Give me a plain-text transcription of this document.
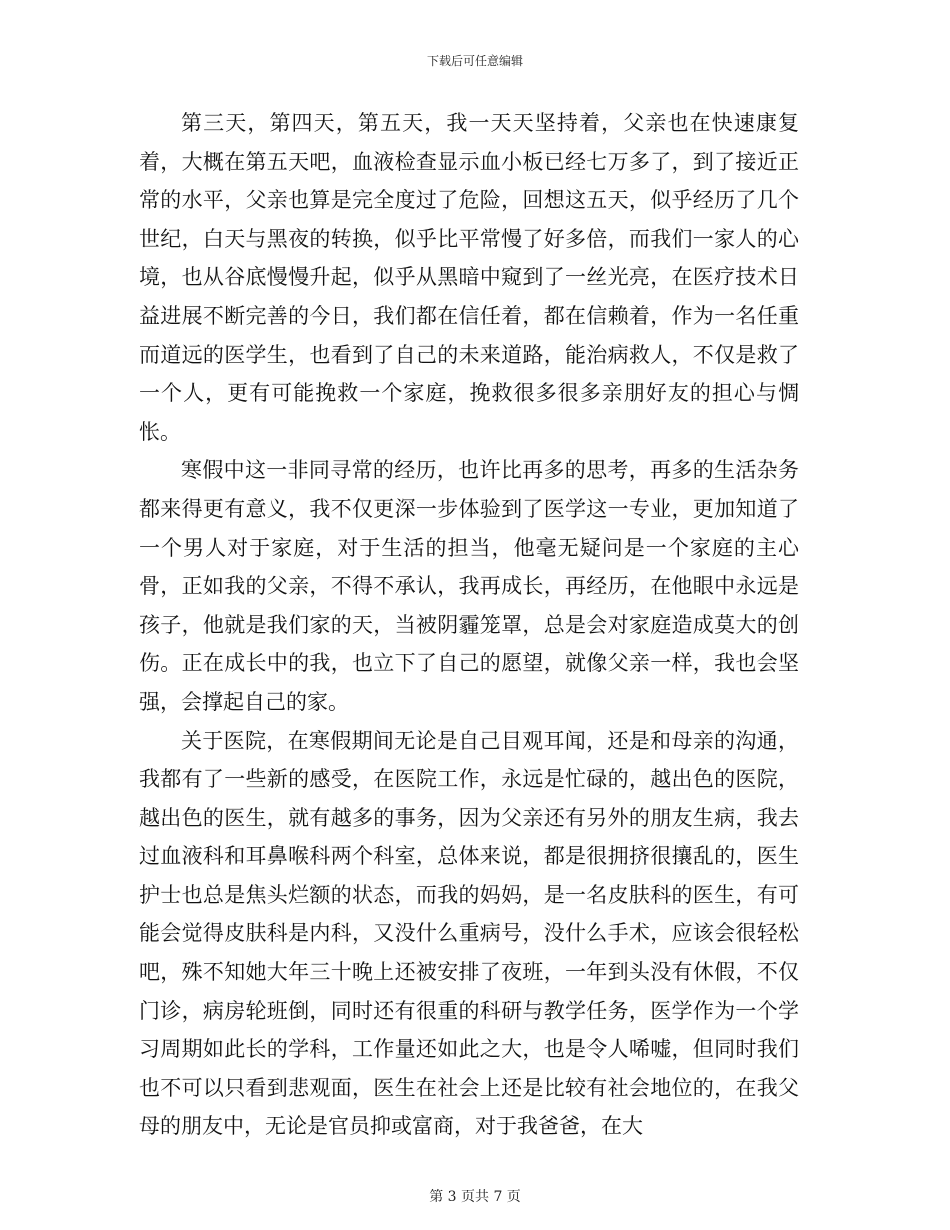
下载后可任意编辑

第三天，第四天，第五天，我一天天坚持着，父亲也在快速康复着，大概在第五天吧，血液检查显示血小板已经七万多了，到了接近正常的水平，父亲也算是完全度过了危险，回想这五天，似乎经历了几个世纪，白天与黑夜的转换，似乎比平常慢了好多倍，而我们一家人的心境，也从谷底慢慢升起，似乎从黑暗中窥到了一丝光亮，在医疗技术日益进展不断完善的今日，我们都在信任着，都在信赖着，作为一名任重而道远的医学生，也看到了自己的未来道路，能治病救人，不仅是救了一个人，更有可能挽救一个家庭，挽救很多很多亲朋好友的担心与惆怅。

寒假中这一非同寻常的经历，也许比再多的思考，再多的生活杂务都来得更有意义，我不仅更深一步体验到了医学这一专业，更加知道了一个男人对于家庭，对于生活的担当，他毫无疑问是一个家庭的主心骨，正如我的父亲，不得不承认，我再成长，再经历，在他眼中永远是孩子，他就是我们家的天，当被阴霾笼罩，总是会对家庭造成莫大的创伤。正在成长中的我，也立下了自己的愿望，就像父亲一样，我也会坚强，会撑起自己的家。

关于医院，在寒假期间无论是自己目观耳闻，还是和母亲的沟通，我都有了一些新的感受，在医院工作，永远是忙碌的，越出色的医院，越出色的医生，就有越多的事务，因为父亲还有另外的朋友生病，我去过血液科和耳鼻喉科两个科室，总体来说，都是很拥挤很攘乱的，医生护士也总是焦头烂额的状态，而我的妈妈，是一名皮肤科的医生，有可能会觉得皮肤科是内科，又没什么重病号，没什么手术，应该会很轻松吧，殊不知她大年三十晚上还被安排了夜班，一年到头没有休假，不仅门诊，病房轮班倒，同时还有很重的科研与教学任务，医学作为一个学习周期如此长的学科，工作量还如此之大，也是令人唏嘘，但同时我们也不可以只看到悲观面，医生在社会上还是比较有社会地位的，在我父母的朋友中，无论是官员抑或富商，对于我爸爸，在大

第 3 页共 7 页
